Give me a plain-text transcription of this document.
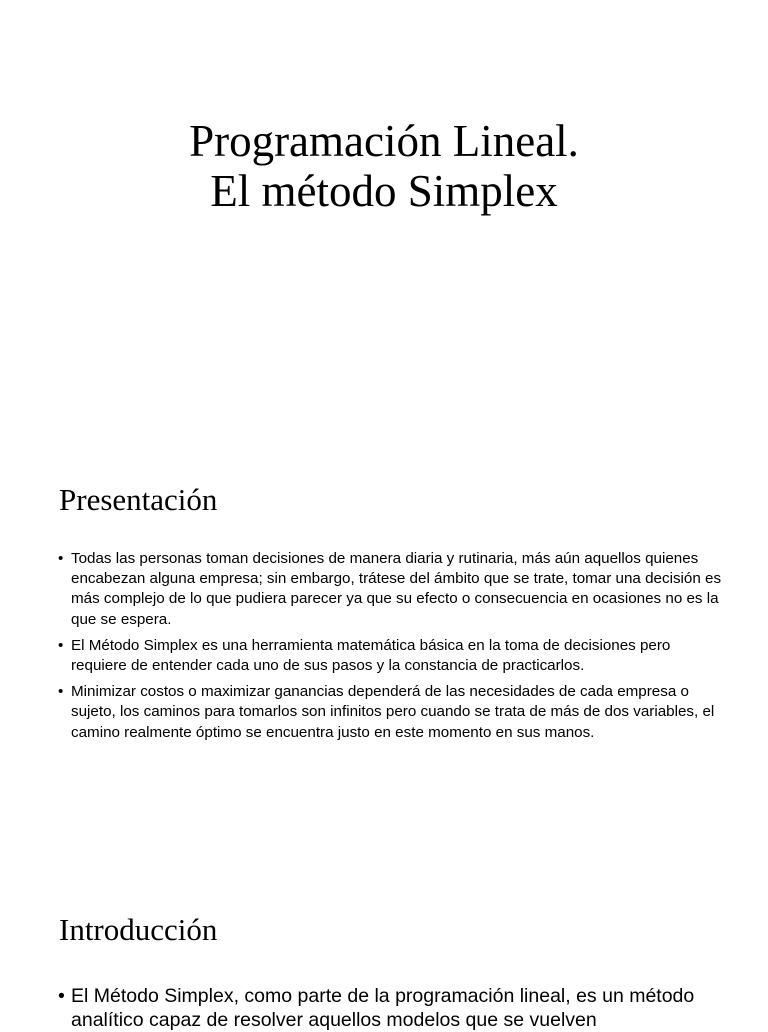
Programación Lineal.
El método Simplex
Presentación
• Todas las personas toman decisiones de manera diaria y rutinaria, más aún aquellos quienes encabezan alguna empresa; sin embargo, trátese del ámbito que se trate, tomar una decisión es más complejo de lo que pudiera parecer ya que su efecto o consecuencia en ocasiones no es la que se espera.
• El Método Simplex es una herramienta matemática básica en la toma de decisiones pero requiere de entender cada uno de sus pasos y la constancia de practicarlos.
• Minimizar costos o maximizar ganancias dependerá de las necesidades de cada empresa o sujeto, los caminos para tomarlos son infinitos pero cuando se trata de más de dos variables, el camino realmente óptimo se encuentra justo en este momento en sus manos.
Introducción
• El Método Simplex, como parte de la programación lineal, es un método analítico capaz de resolver aquellos modelos que se vuelven
